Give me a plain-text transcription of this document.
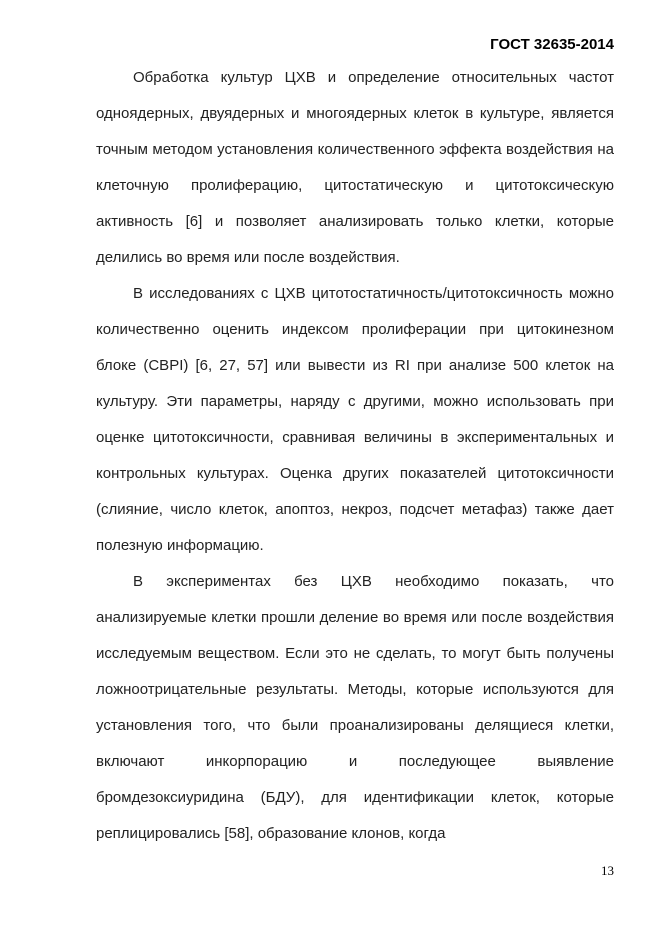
ГОСТ 32635-2014

Обработка культур ЦХВ и определение относительных частот одноядерных, двуядерных и многоядерных клеток в культуре, является точным методом установления количественного эффекта воздействия на клеточную пролиферацию, цитостатическую и цитотоксическую активность [6] и позволяет анализировать только клетки, которые делились во время или после воздействия.

В исследованиях с ЦХВ цитотостатичность/цитотоксичность можно количественно оценить индексом пролиферации при цитокинезном блоке (CBPI) [6, 27, 57] или вывести из RI при анализе 500 клеток на культуру. Эти параметры, наряду с другими, можно использовать при оценке цитотоксичности, сравнивая величины в экспериментальных и контрольных культурах. Оценка других показателей цитотоксичности (слияние, число клеток, апоптоз, некроз, подсчет метафаз) также дает полезную информацию.

В экспериментах без ЦХВ необходимо показать, что анализируемые клетки прошли деление во время или после воздействия исследуемым веществом. Если это не сделать, то могут быть получены ложноотрицательные результаты. Методы, которые используются для установления того, что были проанализированы делящиеся клетки, включают инкорпорацию и последующее выявление бромдезоксиуридина (БДУ), для идентификации клеток, которые реплицировались [58], образование клонов, когда

13
